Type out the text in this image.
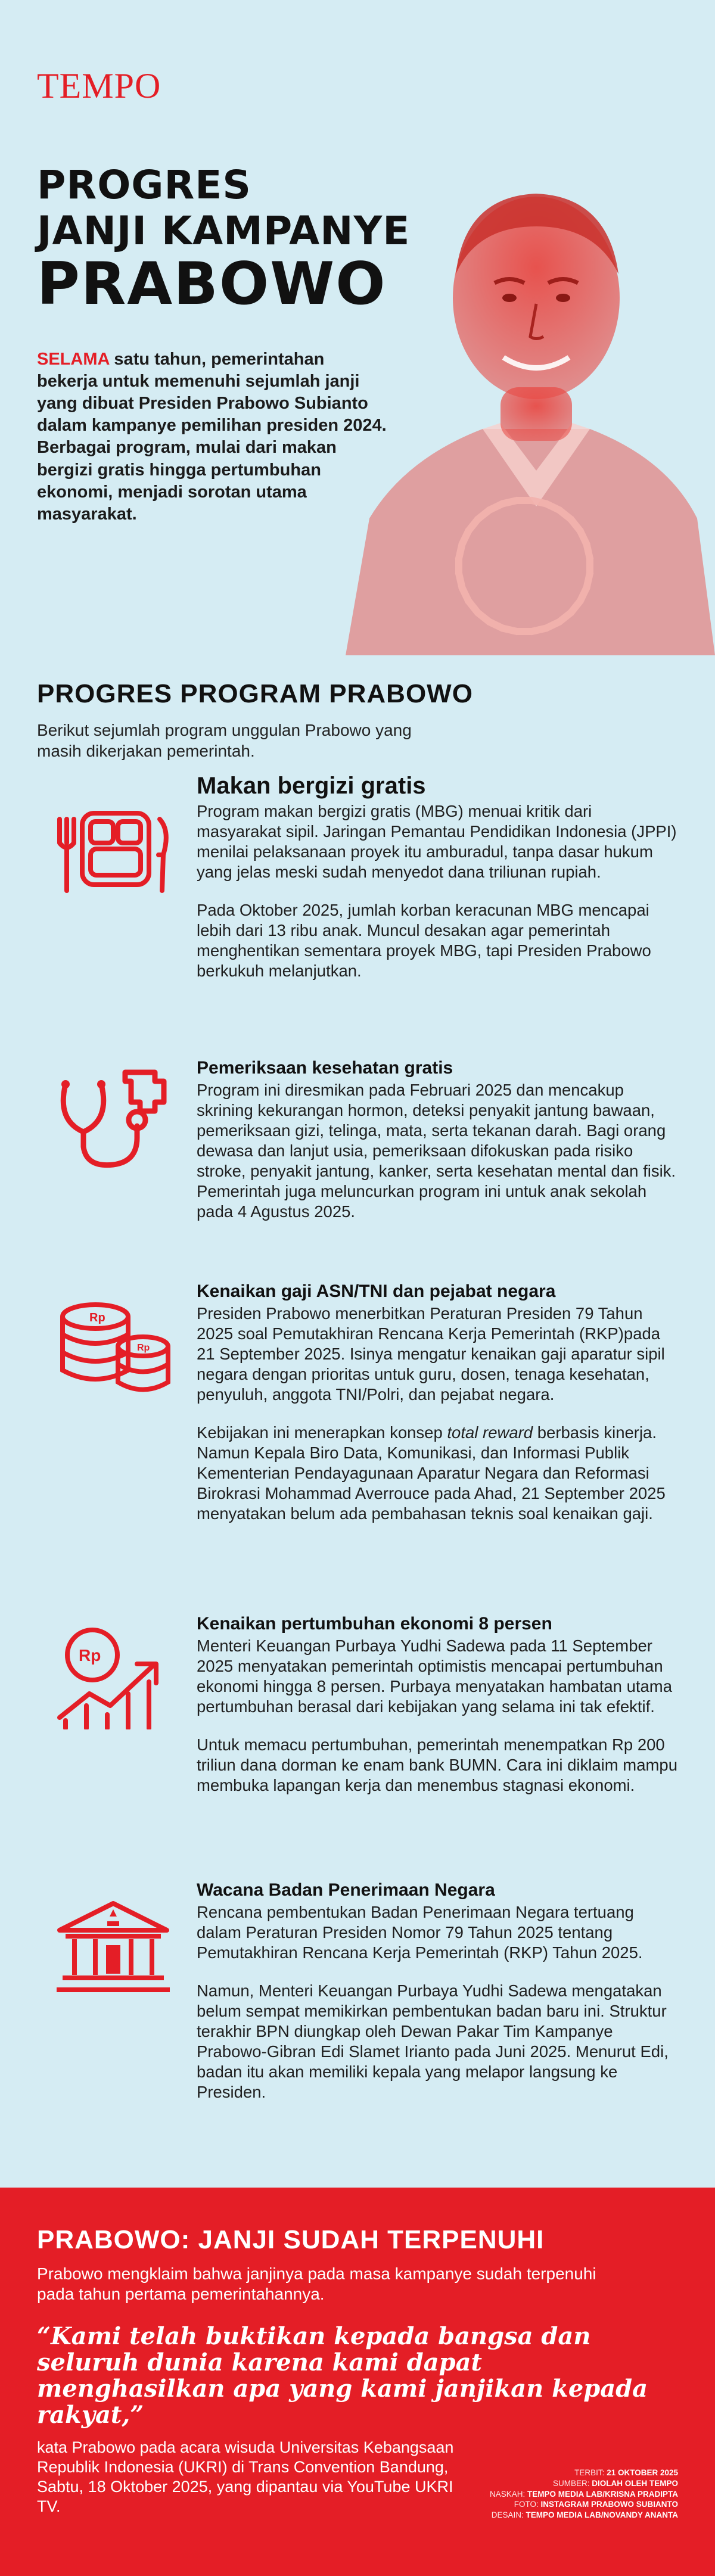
TEMPO
PROGRES
JANJI KAMPANYE
PRABOWO
SELAMA satu tahun, pemerintahan bekerja untuk memenuhi sejumlah janji yang dibuat Presiden Prabowo Subianto dalam kampanye pemilihan presiden 2024. Berbagai program, mulai dari makan bergizi gratis hingga pertumbuhan ekonomi, menjadi sorotan utama masyarakat.
PROGRES PROGRAM PRABOWO
Berikut sejumlah program unggulan Prabowo yang masih dikerjakan pemerintah.
Makan bergizi gratis

Program makan bergizi gratis (MBG) menuai kritik dari masyarakat sipil. Jaringan Pemantau Pendidikan Indonesia (JPPI) menilai pelaksanaan proyek itu amburadul, tanpa dasar hukum yang jelas meski sudah menyedot dana triliunan rupiah.

Pada Oktober 2025, jumlah korban keracunan MBG mencapai lebih dari 13 ribu anak. Muncul desakan agar pemerintah menghentikan sementara proyek MBG, tapi Presiden Prabowo berkukuh melanjutkan.

Pemeriksaan kesehatan gratis

Program ini diresmikan pada Februari 2025 dan mencakup skrining kekurangan hormon, deteksi penyakit jantung bawaan, pemeriksaan gizi, telinga, mata, serta tekanan darah. Bagi orang dewasa dan lanjut usia, pemeriksaan difokuskan pada risiko stroke, penyakit jantung, kanker, serta kesehatan mental dan fisik. Pemerintah juga meluncurkan program ini untuk anak sekolah pada 4 Agustus 2025.

Rp
Rp
Kenaikan gaji ASN/TNI dan pejabat negara

Presiden Prabowo menerbitkan Peraturan Presiden 79 Tahun 2025 soal Pemutakhiran Rencana Kerja Pemerintah (RKP)pada 21 September 2025. Isinya mengatur kenaikan gaji aparatur sipil negara dengan prioritas untuk guru, dosen, tenaga kesehatan, penyuluh, anggota TNI/Polri, dan pejabat negara.

Kebijakan ini menerapkan konsep total reward berbasis kinerja. Namun Kepala Biro Data, Komunikasi, dan Informasi Publik Kementerian Pendayagunaan Aparatur Negara dan Reformasi Birokrasi Mohammad Averrouce pada Ahad, 21 September 2025 menyatakan belum ada pembahasan teknis soal kenaikan gaji.

Rp
Kenaikan pertumbuhan ekonomi 8 persen

Menteri Keuangan Purbaya Yudhi Sadewa pada 11 September 2025 menyatakan pemerintah optimistis mencapai pertumbuhan ekonomi hingga 8 persen. Purbaya menyatakan hambatan utama pertumbuhan berasal dari kebijakan yang selama ini tak efektif.

Untuk memacu pertumbuhan, pemerintah menempatkan Rp 200 triliun dana dorman ke enam bank BUMN. Cara ini diklaim mampu membuka lapangan kerja dan menembus stagnasi ekonomi.

Wacana Badan Penerimaan Negara

Rencana pembentukan Badan Penerimaan Negara tertuang dalam Peraturan Presiden Nomor 79 Tahun 2025 tentang Pemutakhiran Rencana Kerja Pemerintah (RKP) Tahun 2025.

Namun, Menteri Keuangan Purbaya Yudhi Sadewa mengatakan belum sempat memikirkan pembentukan badan baru ini. Struktur terakhir BPN diungkap oleh Dewan Pakar Tim Kampanye Prabowo-Gibran Edi Slamet Irianto pada Juni 2025. Menurut Edi, badan itu akan memiliki kepala yang melapor langsung ke Presiden.

PRABOWO: JANJI SUDAH TERPENUHI
Prabowo mengklaim bahwa janjinya pada masa kampanye sudah terpenuhi pada tahun pertama pemerintahannya.
“Kami telah buktikan kepada bangsa dan seluruh dunia karena kami dapat menghasilkan apa yang kami janjikan kepada rakyat,”
kata Prabowo pada acara wisuda Universitas Kebangsaan Republik Indonesia (UKRI) di Trans Convention Bandung, Sabtu, 18 Oktober 2025, yang dipantau via YouTube UKRI TV.
TERBIT: 21 OKTOBER 2025
SUMBER: DIOLAH OLEH TEMPO
NASKAH: TEMPO MEDIA LAB/KRISNA PRADIPTA
FOTO: INSTAGRAM PRABOWO SUBIANTO
DESAIN: TEMPO MEDIA LAB/NOVANDY ANANTA
